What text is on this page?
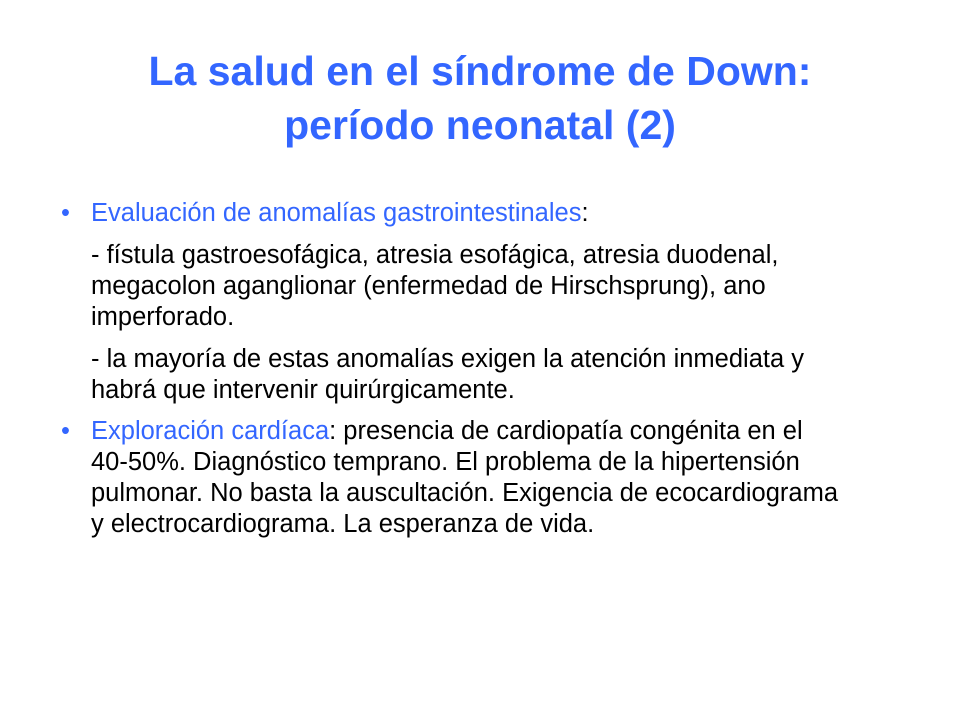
La salud en el síndrome de Down:
período neonatal (2)
• Evaluación de anomalías gastrointestinales:

- fístula gastroesofágica, atresia esofágica, atresia duodenal, megacolon aganglionar (enfermedad de Hirschsprung), ano imperforado.

- la mayoría de estas anomalías exigen la atención inmediata y habrá que intervenir quirúrgicamente.

• Exploración cardíaca: presencia de cardiopatía congénita en el 40-50%. Diagnóstico temprano. El problema de la hipertensión pulmonar. No basta la auscultación. Exigencia de ecocardiograma y electrocardiograma. La esperanza de vida.
